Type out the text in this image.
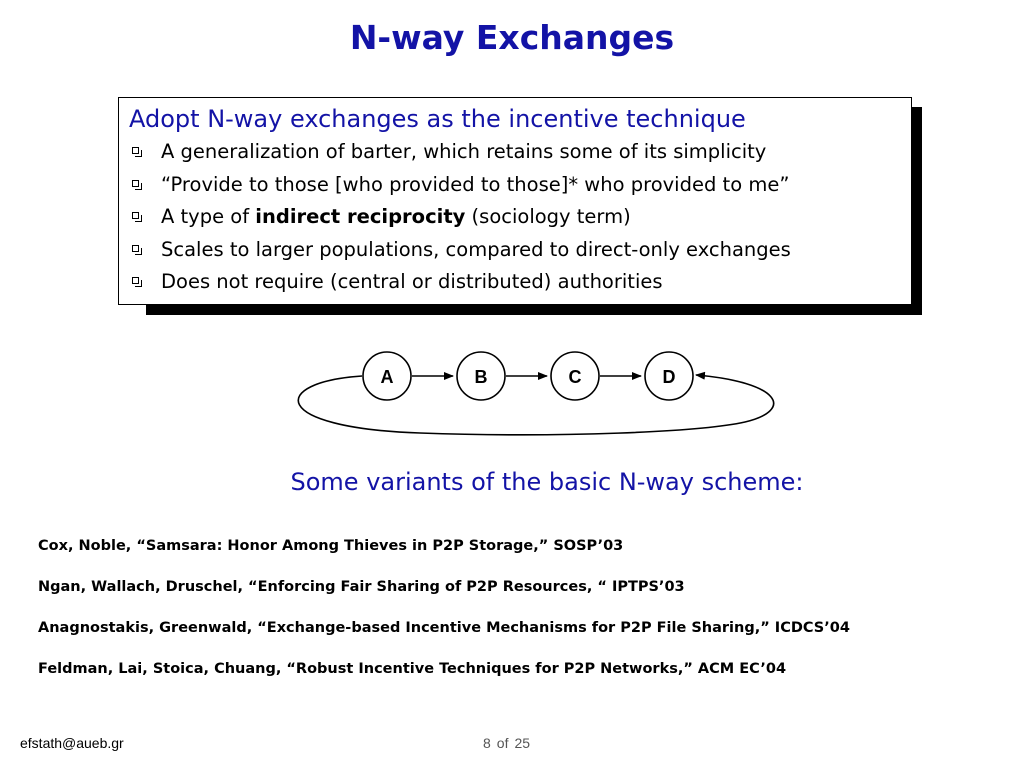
N-way Exchanges
Adopt N-way exchanges as the incentive technique
A generalization of barter, which retains some of its simplicity
“Provide to those [who provided to those]* who provided to me”
A type of indirect reciprocity (sociology term)
Scales to larger populations, compared to direct-only exchanges
Does not require (central or distributed) authorities
A	B	C	D
Some variants of the basic N-way scheme:
Cox, Noble, “Samsara: Honor Among Thieves in P2P Storage,” SOSP’03
Ngan, Wallach, Druschel, “Enforcing Fair Sharing of P2P Resources, “ IPTPS’03
Anagnostakis, Greenwald, “Exchange-based Incentive Mechanisms for P2P File Sharing,” ICDCS’04
Feldman, Lai, Stoica, Chuang, “Robust Incentive Techniques for P2P Networks,” ACM EC’04
efstath@aueb.gr	8 of 25
